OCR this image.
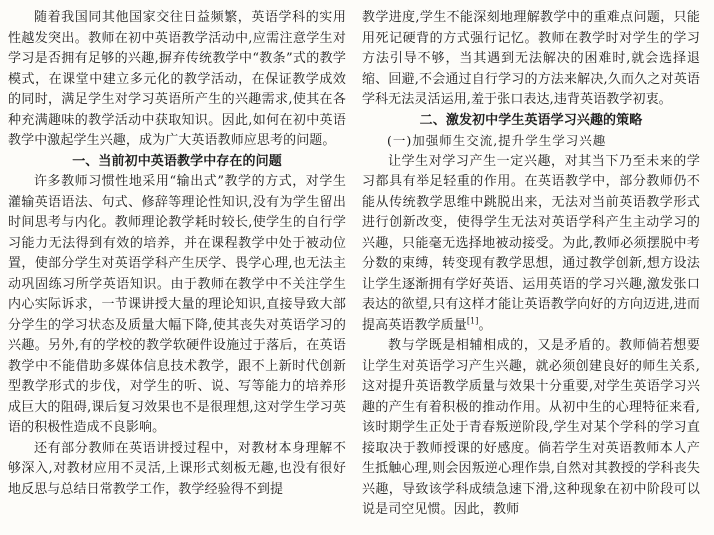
随着我国同其他国家交往日益频繁，英语学科的实用性越发突出。教师在初中英语教学活动中,应需注意学生对学习是否拥有足够的兴趣,摒弃传统教学中“教条”式的教学模式，在课堂中建立多元化的教学活动，在保证教学成效的同时，满足学生对学习英语所产生的兴趣需求,使其在各种充满趣味的教学活动中获取知识。因此,如何在初中英语教学中激起学生兴趣，成为广大英语教师应思考的问题。

一、当前初中英语教学中存在的问题

许多教师习惯性地采用“输出式”教学的方式，对学生灌输英语语法、句式、修辞等理论性知识,没有为学生留出时间思考与内化。教师理论教学耗时较长,使学生的自行学习能力无法得到有效的培养，并在课程教学中处于被动位置，使部分学生对英语学科产生厌学、畏学心理,也无法主动巩固练习所学英语知识。由于教师在教学中不关注学生内心实际诉求，一节课讲授大量的理论知识,直接导致大部分学生的学习状态及质量大幅下降,使其丧失对英语学习的兴趣。另外,有的学校的教学软硬件设施过于落后，在英语教学中不能借助多媒体信息技术教学，跟不上新时代创新型教学形式的步伐，对学生的听、说、写等能力的培养形成巨大的阻碍,课后复习效果也不是很理想,这对学生学习英语的积极性造成不良影响。

还有部分教师在英语讲授过程中，对教材本身理解不够深入,对教材应用不灵活,上课形式刻板无趣,也没有很好地反思与总结日常教学工作，教学经验得不到提

教学进度,学生不能深刻地理解教学中的重难点问题，只能用死记硬背的方式强行记忆。教师在教学时对学生的学习方法引导不够，当其遇到无法解决的困难时,就会选择退缩、回避,不会通过自行学习的方法来解决,久而久之对英语学科无法灵活运用,羞于张口表达,违背英语教学初衷。

二、激发初中学生英语学习兴趣的策略
(一)加强师生交流,提升学生学习兴趣

让学生对学习产生一定兴趣，对其当下乃至未来的学习都具有举足轻重的作用。在英语教学中，部分教师仍不能从传统教学思维中跳脱出来，无法对当前英语教学形式进行创新改变，使得学生无法对英语学科产生主动学习的兴趣，只能毫无选择地被动接受。为此,教师必须摆脱中考分数的束缚，转变现有教学思想，通过教学创新,想方设法让学生逐渐拥有学好英语、运用英语的学习兴趣,激发张口表达的欲望,只有这样才能让英语教学向好的方向迈进,进而提高英语教学质量[1]。

教与学既是相辅相成的，又是矛盾的。教师倘若想要让学生对英语学习产生兴趣，就必须创建良好的师生关系,这对提升英语教学质量与效果十分重要,对学生英语学习兴趣的产生有着积极的推动作用。从初中生的心理特征来看,该时期学生正处于青春叛逆阶段,学生对某个学科的学习直接取决于教师授课的好感度。倘若学生对英语教师本人产生抵触心理,则会因叛逆心理作祟,自然对其教授的学科丧失兴趣，导致该学科成绩急速下滑,这种现象在初中阶段可以说是司空见惯。因此，教师
